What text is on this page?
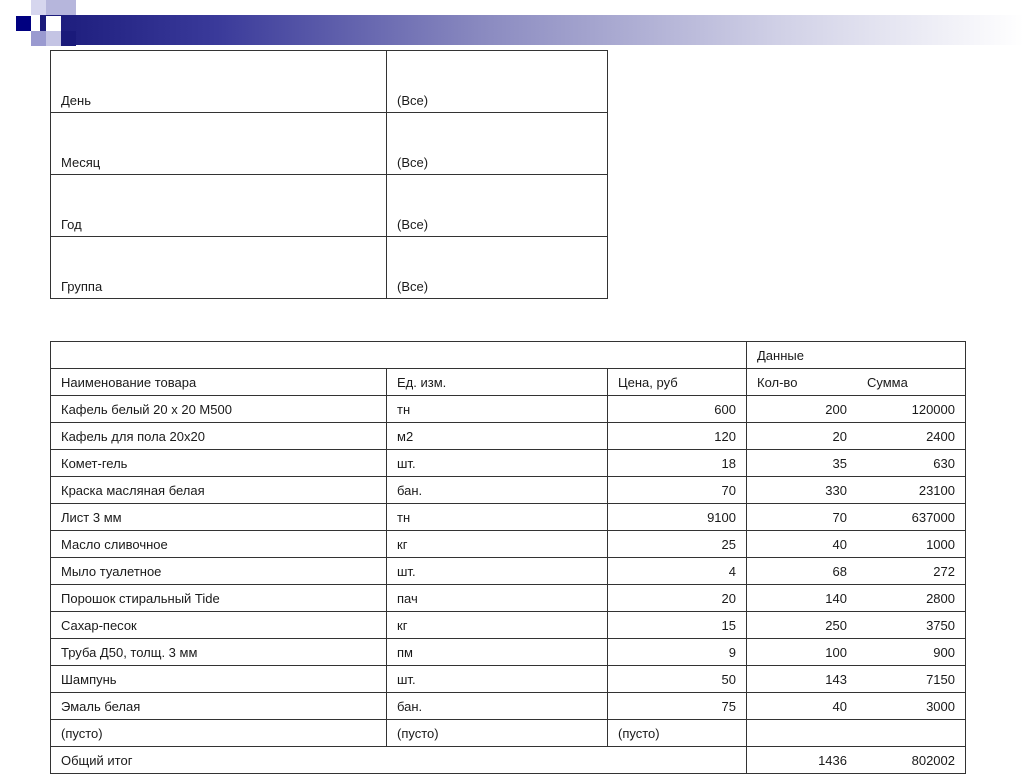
День	(Все)
Месяц	(Все)
Год	(Все)
Группа	(Все)
			Данные	
Наименование товара	Ед. изм.	Цена, руб	Кол-во	Сумма
Кафель белый 20 х 20 М500	тн	600	200	120000
Кафель для пола 20х20	м2	120	20	2400
Комет-гель	шт.	18	35	630
Краска масляная белая	бан.	70	330	23100
Лист 3 мм	тн	9100	70	637000
Масло сливочное	кг	25	40	1000
Мыло туалетное	шт.	4	68	272
Порошок стиральный Tide	пач	20	140	2800
Сахар-песок	кг	15	250	3750
Труба Д50, толщ. 3 мм	пм	9	100	900
Шампунь	шт.	50	143	7150
Эмаль белая	бан.	75	40	3000
(пусто)	(пусто)	(пусто)		
Общий итог			1436	802002
